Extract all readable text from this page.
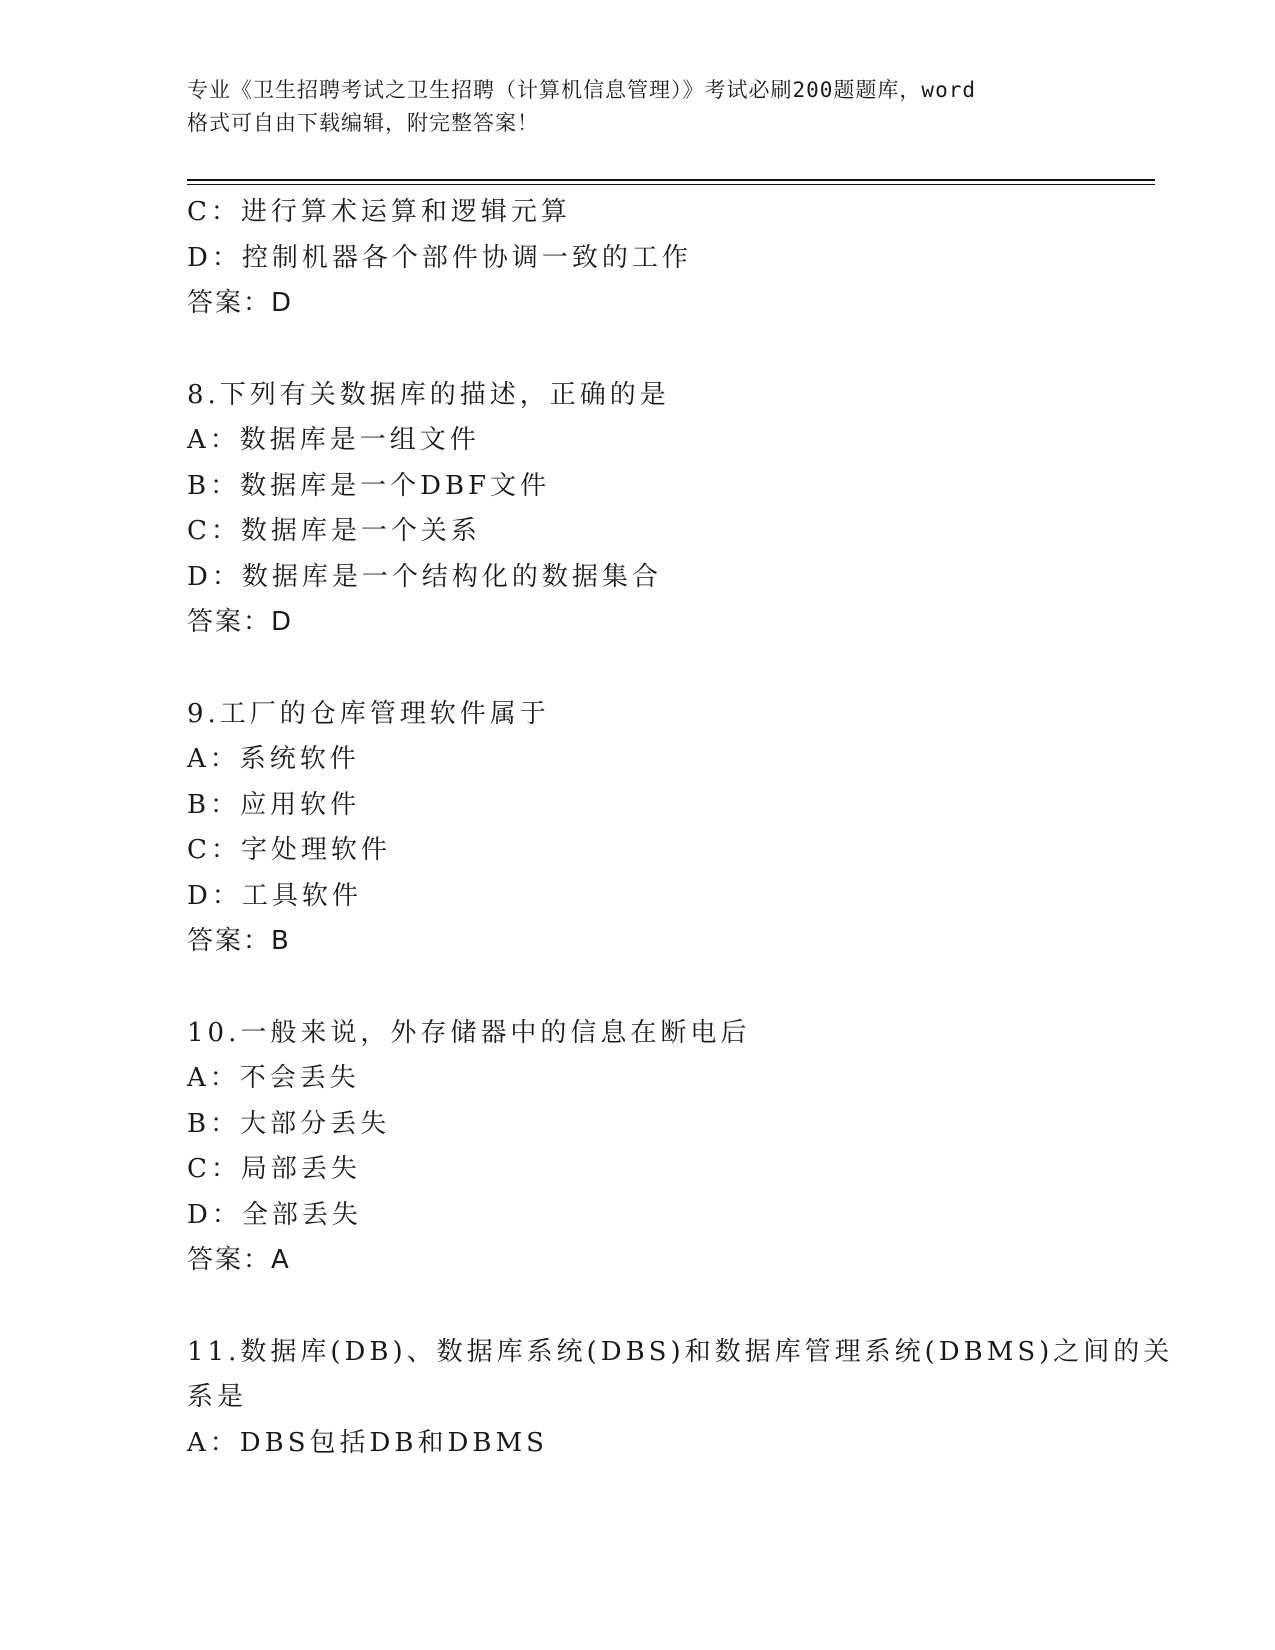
专业《卫生招聘考试之卫生招聘（计算机信息管理）》考试必刷200题题库，word
格式可自由下载编辑，附完整答案！
C：进行算术运算和逻辑元算
D：控制机器各个部件协调一致的工作
答案：D
8.下列有关数据库的描述，正确的是
A：数据库是一组文件
B：数据库是一个DBF文件
C：数据库是一个关系
D：数据库是一个结构化的数据集合
答案：D
9.工厂的仓库管理软件属于
A：系统软件
B：应用软件
C：字处理软件
D：工具软件
答案：B
10.一般来说，外存储器中的信息在断电后
A：不会丢失
B：大部分丢失
C：局部丢失
D：全部丢失
答案：A
11.数据库(DB)、数据库系统(DBS)和数据库管理系统(DBMS)之间的关
系是
A：DBS包括DB和DBMS
